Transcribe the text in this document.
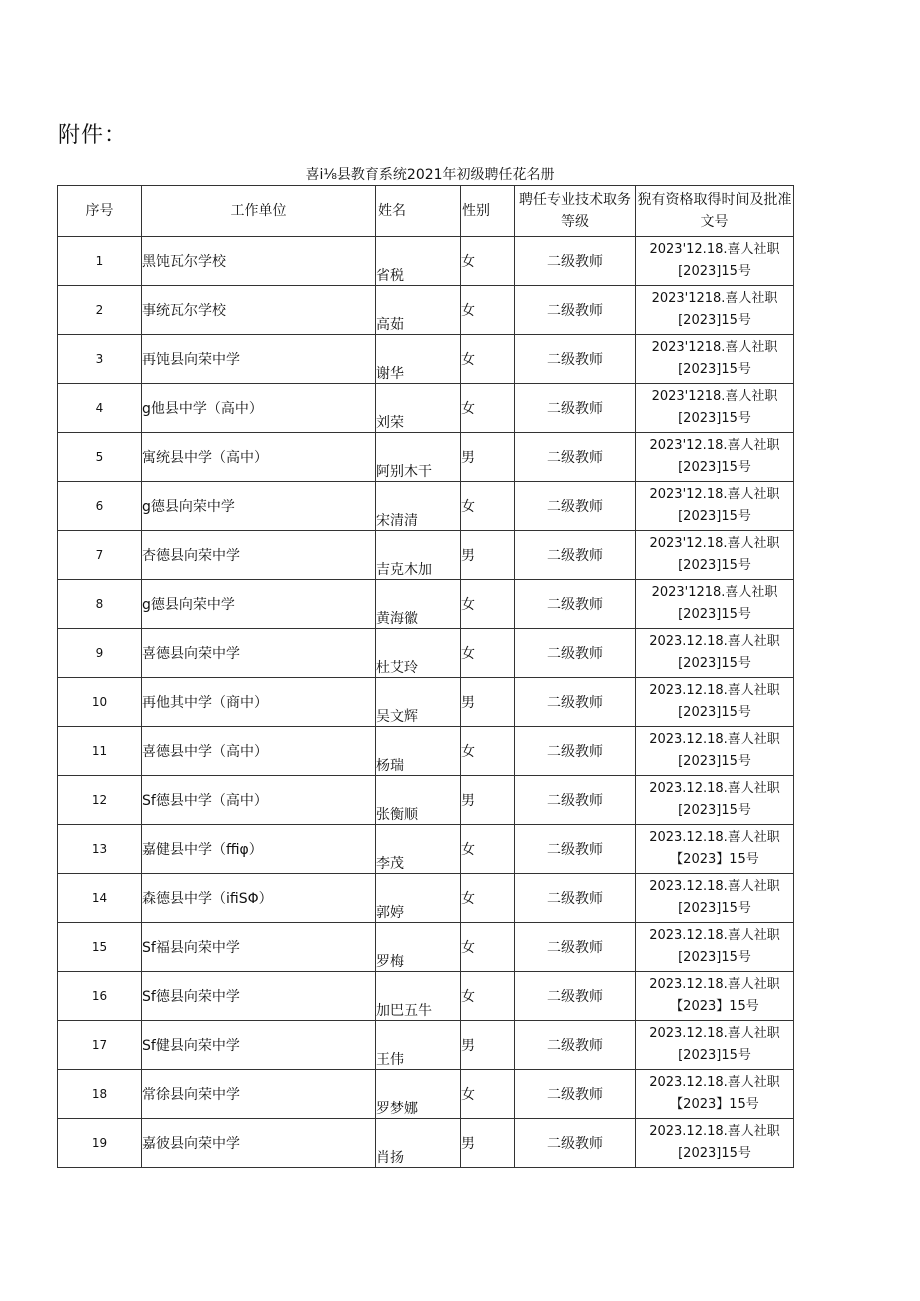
附件：
喜i⅛县教育系统2021年初级聘任花名册
序号	工作单位	姓名	性别	聘任专业技术取务等级	猊有资格取得时间及批准文号
1	黑饨瓦尔学校	省税	女	二级教师	2023'12.18.喜人社职
[2023]15号

2	事统瓦尔学校	高茹	女	二级教师	2023'1218.喜人社职
[2023]15号

3	再饨县向荣中学	谢华	女	二级教师	2023'1218.喜人社职
[2023]15号

4	g他县中学（高中）	刘荣	女	二级教师	2023'1218.喜人社职
[2023]15号

5	寓统县中学（高中）	阿别木干	男	二级教师	2023'12.18.喜人社职
[2023]15号

6	g德县向荣中学	宋清清	女	二级教师	2023'12.18.喜人社职
[2023]15号

7	杏德县向荣中学	吉克木加	男	二级教师	2023'12.18.喜人社职
[2023]15号

8	g德县向荣中学	黄海徽	女	二级教师	2023'1218.喜人社职
[2023]15号

9	喜德县向荣中学	杜艾玲	女	二级教师	2023.12.18.喜人社职
[2023]15号

10	再他其中学（商中）	吴文辉	男	二级教师	2023.12.18.喜人社职
[2023]15号

11	喜德县中学（高中）	杨瑞	女	二级教师	2023.12.18.喜人社职
[2023]15号

12	Sf德县中学（高中）	张衡顺	男	二级教师	2023.12.18.喜人社职
[2023]15号

13	嘉健县中学（ffiφ）	李茂	女	二级教师	2023.12.18.喜人社职
【2023】15号

14	森德县中学（ifiSΦ）	郭婷	女	二级教师	2023.12.18.喜人社职
[2023]15号

15	Sf福县向荣中学	罗梅	女	二级教师	2023.12.18.喜人社职
[2023]15号

16	Sf德县向荣中学	加巴五牛	女	二级教师	2023.12.18.喜人社职
【2023】15号

17	Sf健县向荣中学	王伟	男	二级教师	2023.12.18.喜人社职
[2023]15号

18	常徐县向荣中学	罗梦娜	女	二级教师	2023.12.18.喜人社职
【2023】15号

19	嘉彼县向荣中学	肖扬	男	二级教师	2023.12.18.喜人社职
[2023]15号
